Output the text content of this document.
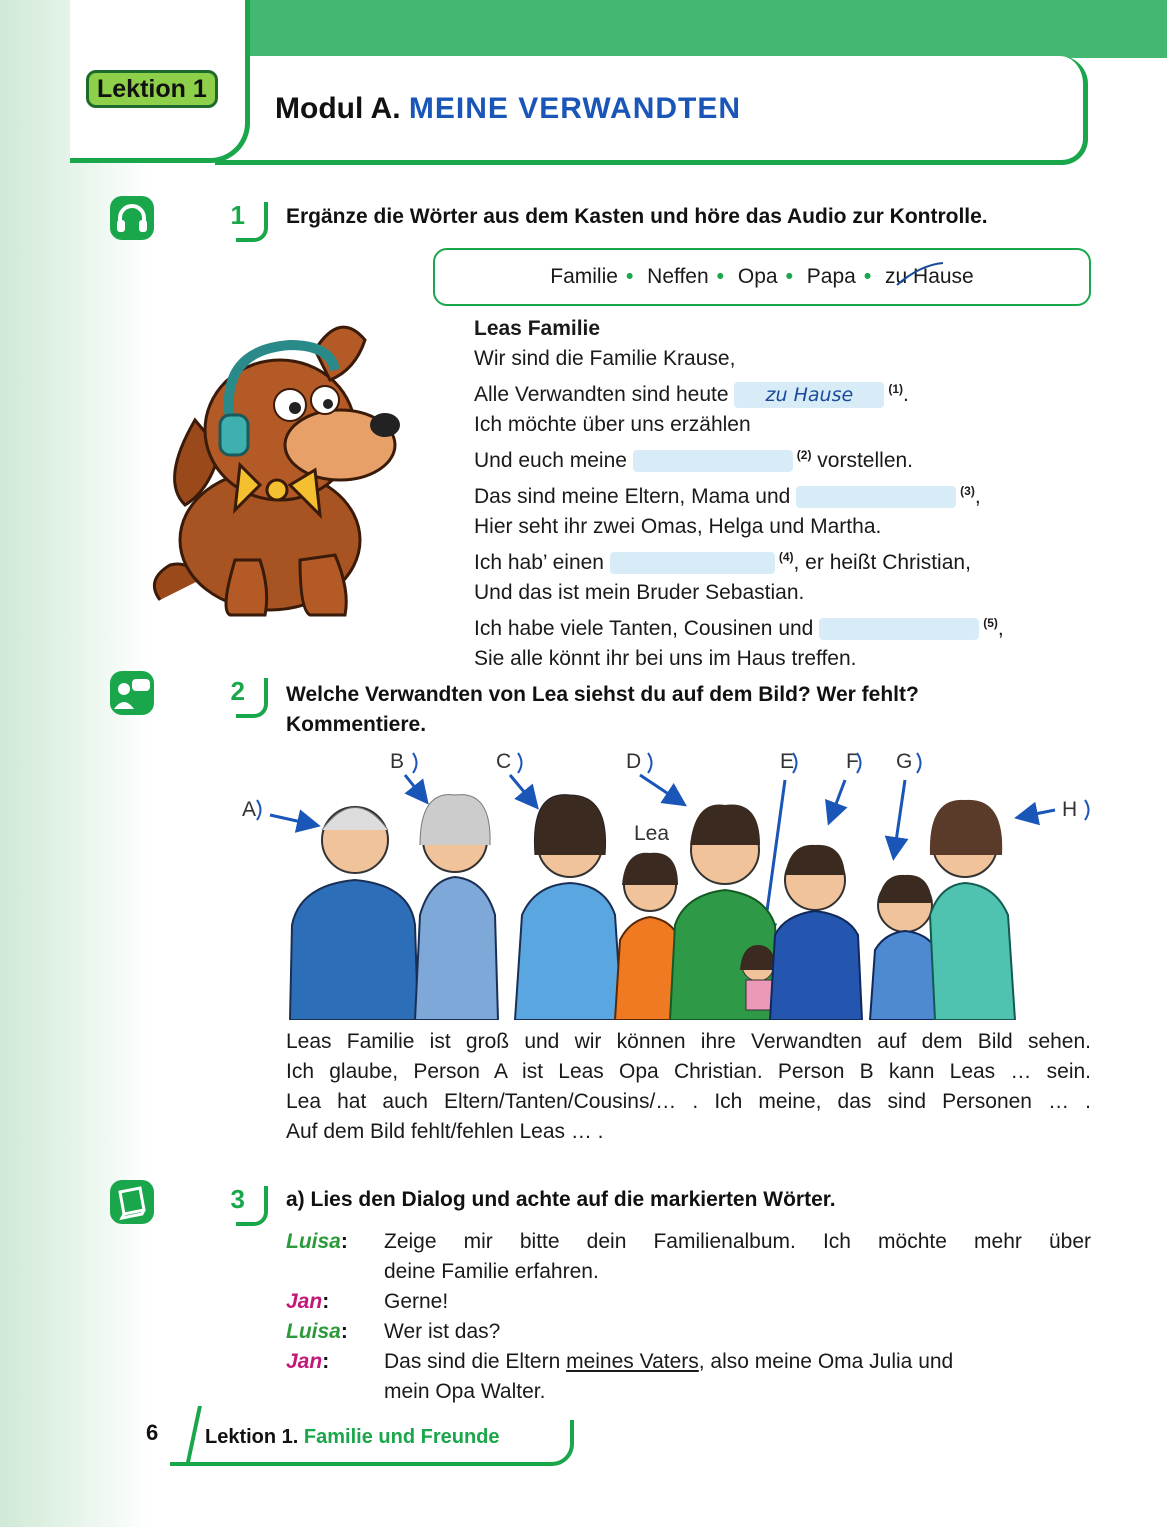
Lektion 1
Modul A. MEINE VERWANDTEN
1 Ergänze die Wörter aus dem Kasten und höre das Audio zur Kontrolle.
Familie • Neffen • Opa • Papa • zu Hause
Leas Familie
Wir sind die Familie Krause,
Alle Verwandten sind heute zu Hause	$^{(1)}$.
Ich möchte über uns erzählen
Und euch meine	$^{(2)}$ vorstellen.
Das sind meine Eltern, Mama und	$^{(3)}$,
Hier seht ihr zwei Omas, Helga und Martha.
Ich hab’ einen	$^{(4)}$, er heißt Christian,
Und das ist mein Bruder Sebastian.
Ich habe viele Tanten, Cousinen und	$^{(5)}$,
Sie alle könnt ihr bei uns im Haus treffen.
2 Welche Verwandten von Lea siehst du auf dem Bild? Wer fehlt?
Kommentiere.
B	C	D	E F G
A	H
Lea
Leas Familie ist groß und wir können ihre Verwandten auf dem Bild sehen.
Ich glaube, Person A ist Leas Opa Christian. Person B kann Leas … sein.
Lea hat auch Eltern/Tanten/Cousins/… . Ich meine, das sind Personen … .
Auf dem Bild fehlt/fehlen Leas … .
3 a) Lies den Dialog und achte auf die markierten Wörter.
Luisa:	Zeige mir bitte dein Familienalbum. Ich möchte mehr über
deine Familie erfahren.
Jan:	Gerne!
Luisa:	Wer ist das?
Jan:	Das sind die Eltern meines Vaters, also meine Oma Julia und
mein Opa Walter.
6 Lektion 1. Familie und Freunde
